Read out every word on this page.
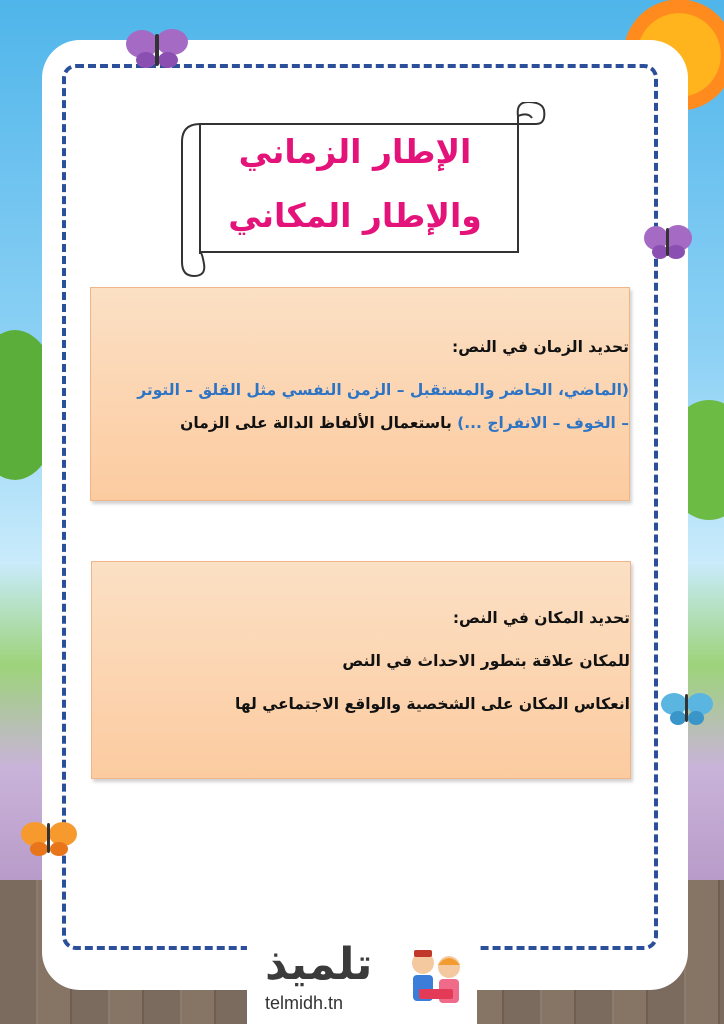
الإطار الزماني
والإطار المكاني
تحديد الزمان في النص:
(الماضي، الحاضر والمستقبل – الزمن النفسي مثل القلق – التوتر
– الخوف – الانفراج ...) باستعمال الألفاظ الدالة على الزمان
تحديد المكان في النص:
للمكان علاقة بتطور الاحداث في النص
انعكاس المكان على الشخصية والواقع الاجتماعي لها
تلميذ
telmidh.tn
